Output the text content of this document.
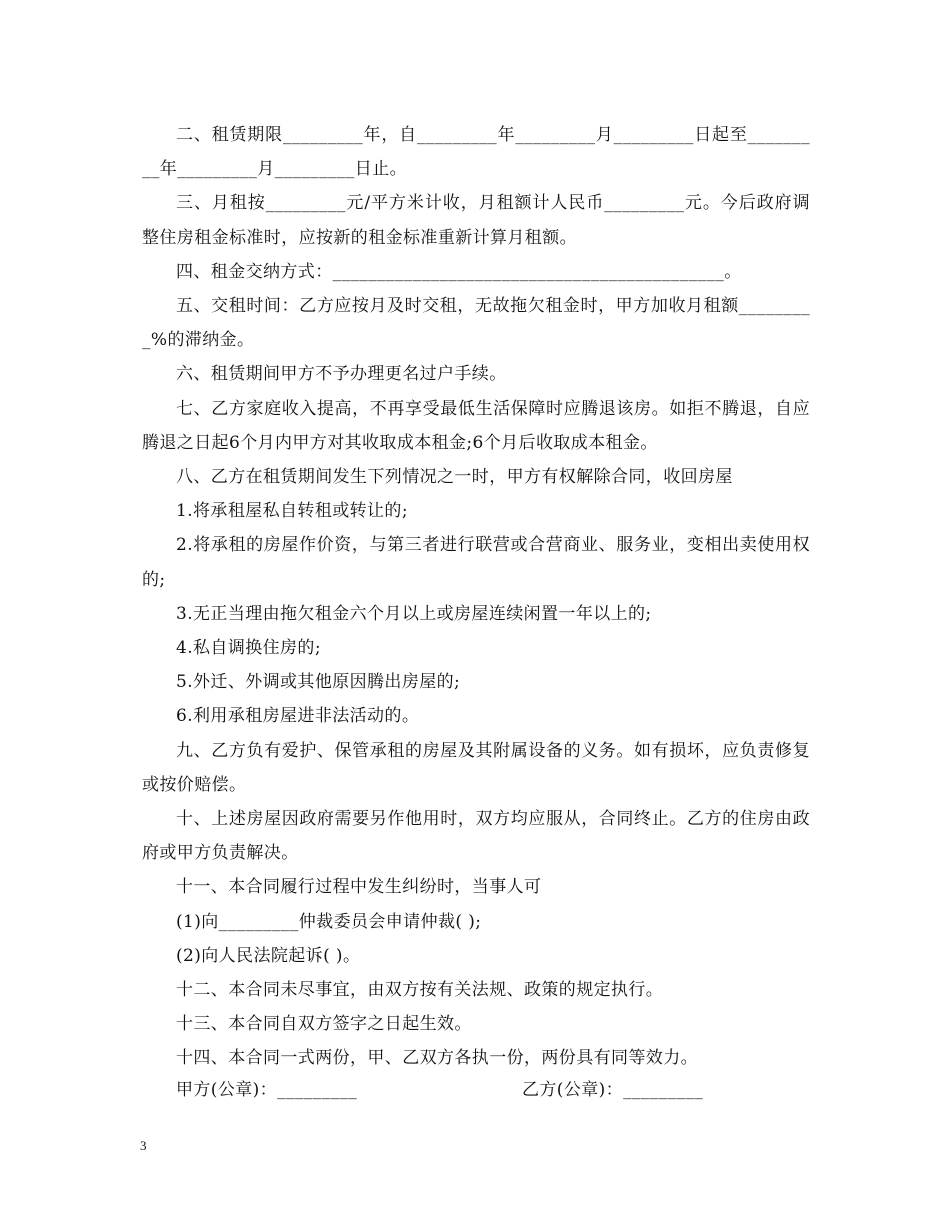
二、租赁期限_________年，自_________年_________月_________日起至_________年_________月_________日止。

三、月租按_________元/平方米计收，月租额计人民币_________元。今后政府调整住房租金标准时，应按新的租金标准重新计算月租额。

四、租金交纳方式：____________________________________________。

五、交租时间：乙方应按月及时交租，无故拖欠租金时，甲方加收月租额_________%的滞纳金。

六、租赁期间甲方不予办理更名过户手续。

七、乙方家庭收入提高，不再享受最低生活保障时应腾退该房。如拒不腾退，自应腾退之日起6个月内甲方对其收取成本租金;6个月后收取成本租金。

八、乙方在租赁期间发生下列情况之一时，甲方有权解除合同，收回房屋

1.将承租屋私自转租或转让的;

2.将承租的房屋作价资，与第三者进行联营或合营商业、服务业，变相出卖使用权的;

3.无正当理由拖欠租金六个月以上或房屋连续闲置一年以上的;

4.私自调换住房的;

5.外迁、外调或其他原因腾出房屋的;

6.利用承租房屋进非法活动的。

九、乙方负有爱护、保管承租的房屋及其附属设备的义务。如有损坏，应负责修复或按价赔偿。

十、上述房屋因政府需要另作他用时，双方均应服从，合同终止。乙方的住房由政府或甲方负责解决。

十一、本合同履行过程中发生纠纷时，当事人可

(1)向_________仲裁委员会申请仲裁( );

(2)向人民法院起诉( )。

十二、本合同未尽事宜，由双方按有关法规、政策的规定执行。

十三、本合同自双方签字之日起生效。

十四、本合同一式两份，甲、乙双方各执一份，两份具有同等效力。

甲方(公章)：_________	乙方(公章)：_________
3
